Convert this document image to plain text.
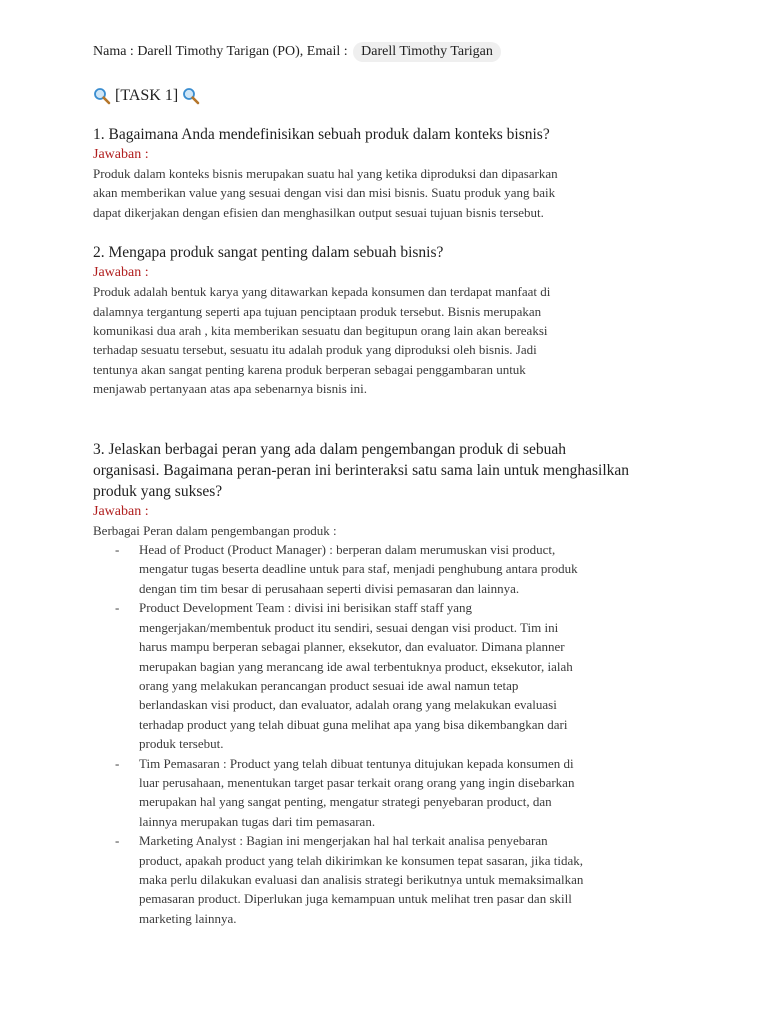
Nama : Darell Timothy Tarigan (PO), Email : Darell Timothy Tarigan
[TASK 1]
1. Bagaimana Anda mendefinisikan sebuah produk dalam konteks bisnis?
Jawaban :
Produk dalam konteks bisnis merupakan suatu hal yang ketika diproduksi dan dipasarkan
akan memberikan value yang sesuai dengan visi dan misi bisnis. Suatu produk yang baik
dapat dikerjakan dengan efisien dan menghasilkan output sesuai tujuan bisnis tersebut.
2. Mengapa produk sangat penting dalam sebuah bisnis?
Jawaban :
Produk adalah bentuk karya yang ditawarkan kepada konsumen dan terdapat manfaat di
dalamnya tergantung seperti apa tujuan penciptaan produk tersebut. Bisnis merupakan
komunikasi dua arah , kita memberikan sesuatu dan begitupun orang lain akan bereaksi
terhadap sesuatu tersebut, sesuatu itu adalah produk yang diproduksi oleh bisnis. Jadi
tentunya akan sangat penting karena produk berperan sebagai penggambaran untuk
menjawab pertanyaan atas apa sebenarnya bisnis ini.
3. Jelaskan berbagai peran yang ada dalam pengembangan produk di sebuah
organisasi. Bagaimana peran-peran ini berinteraksi satu sama lain untuk menghasilkan
produk yang sukses?
Jawaban :
Berbagai Peran dalam pengembangan produk :
- Head of Product (Product Manager) : berperan dalam merumuskan visi product,
mengatur tugas beserta deadline untuk para staf, menjadi penghubung antara produk
dengan tim tim besar di perusahaan seperti divisi pemasaran dan lainnya.
- Product Development Team : divisi ini berisikan staff staff yang
mengerjakan/membentuk product itu sendiri, sesuai dengan visi product. Tim ini
harus mampu berperan sebagai planner, eksekutor, dan evaluator. Dimana planner
merupakan bagian yang merancang ide awal terbentuknya product, eksekutor, ialah
orang yang melakukan perancangan product sesuai ide awal namun tetap
berlandaskan visi product, dan evaluator, adalah orang yang melakukan evaluasi
terhadap product yang telah dibuat guna melihat apa yang bisa dikembangkan dari
produk tersebut.
- Tim Pemasaran : Product yang telah dibuat tentunya ditujukan kepada konsumen di
luar perusahaan, menentukan target pasar terkait orang orang yang ingin disebarkan
merupakan hal yang sangat penting, mengatur strategi penyebaran product, dan
lainnya merupakan tugas dari tim pemasaran.
- Marketing Analyst : Bagian ini mengerjakan hal hal terkait analisa penyebaran
product, apakah product yang telah dikirimkan ke konsumen tepat sasaran, jika tidak,
maka perlu dilakukan evaluasi dan analisis strategi berikutnya untuk memaksimalkan
pemasaran product. Diperlukan juga kemampuan untuk melihat tren pasar dan skill
marketing lainnya.
